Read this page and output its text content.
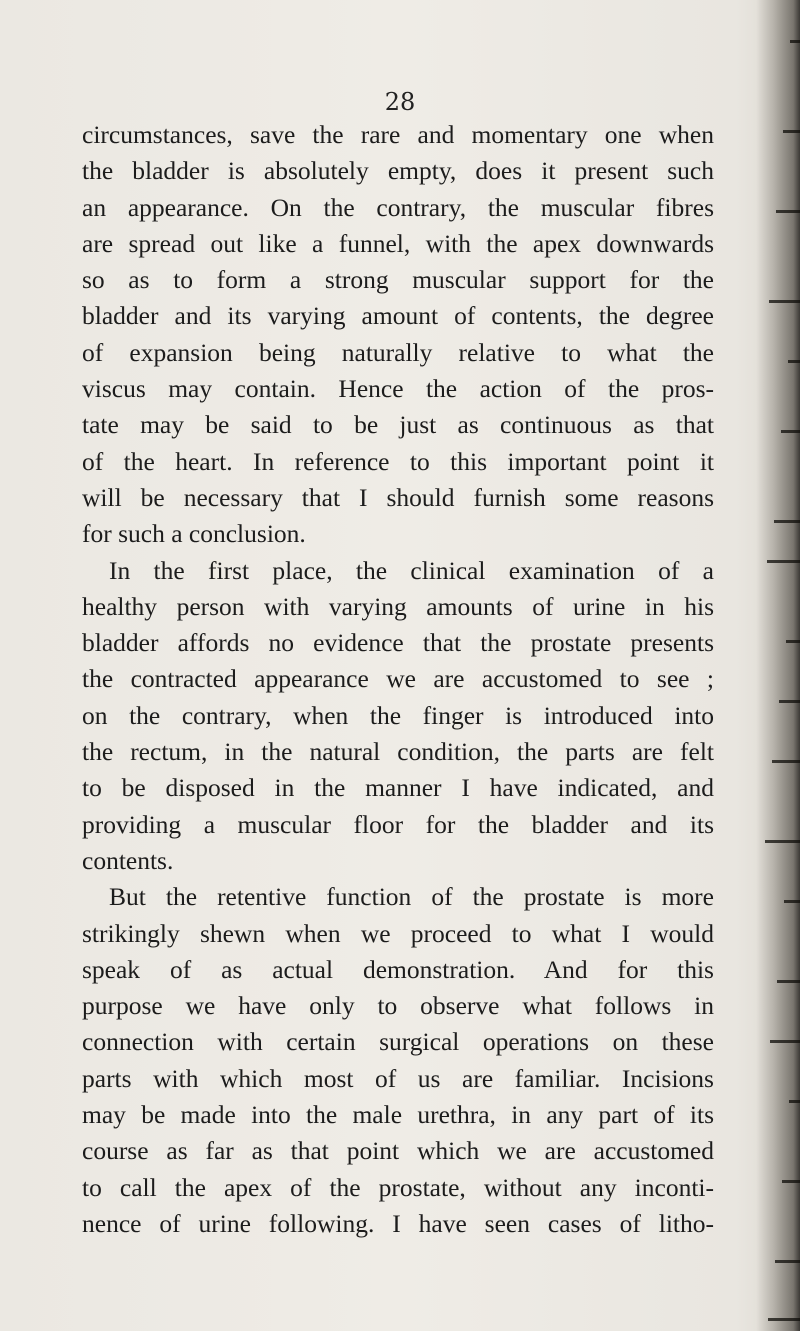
28
circumstances, save the rare and momentary one when
the bladder is absolutely empty, does it present such
an appearance. On the contrary, the muscular fibres
are spread out like a funnel, with the apex downwards
so as to form a strong muscular support for the
bladder and its varying amount of contents, the degree
of expansion being naturally relative to what the
viscus may contain. Hence the action of the pros-
tate may be said to be just as continuous as that
of the heart. In reference to this important point it
will be necessary that I should furnish some reasons
for such a conclusion.
In the first place, the clinical examination of a
healthy person with varying amounts of urine in his
bladder affords no evidence that the prostate presents
the contracted appearance we are accustomed to see ;
on the contrary, when the finger is introduced into
the rectum, in the natural condition, the parts are felt
to be disposed in the manner I have indicated, and
providing a muscular floor for the bladder and its
contents.
But the retentive function of the prostate is more
strikingly shewn when we proceed to what I would
speak of as actual demonstration. And for this
purpose we have only to observe what follows in
connection with certain surgical operations on these
parts with which most of us are familiar. Incisions
may be made into the male urethra, in any part of its
course as far as that point which we are accustomed
to call the apex of the prostate, without any inconti-
nence of urine following. I have seen cases of litho-
